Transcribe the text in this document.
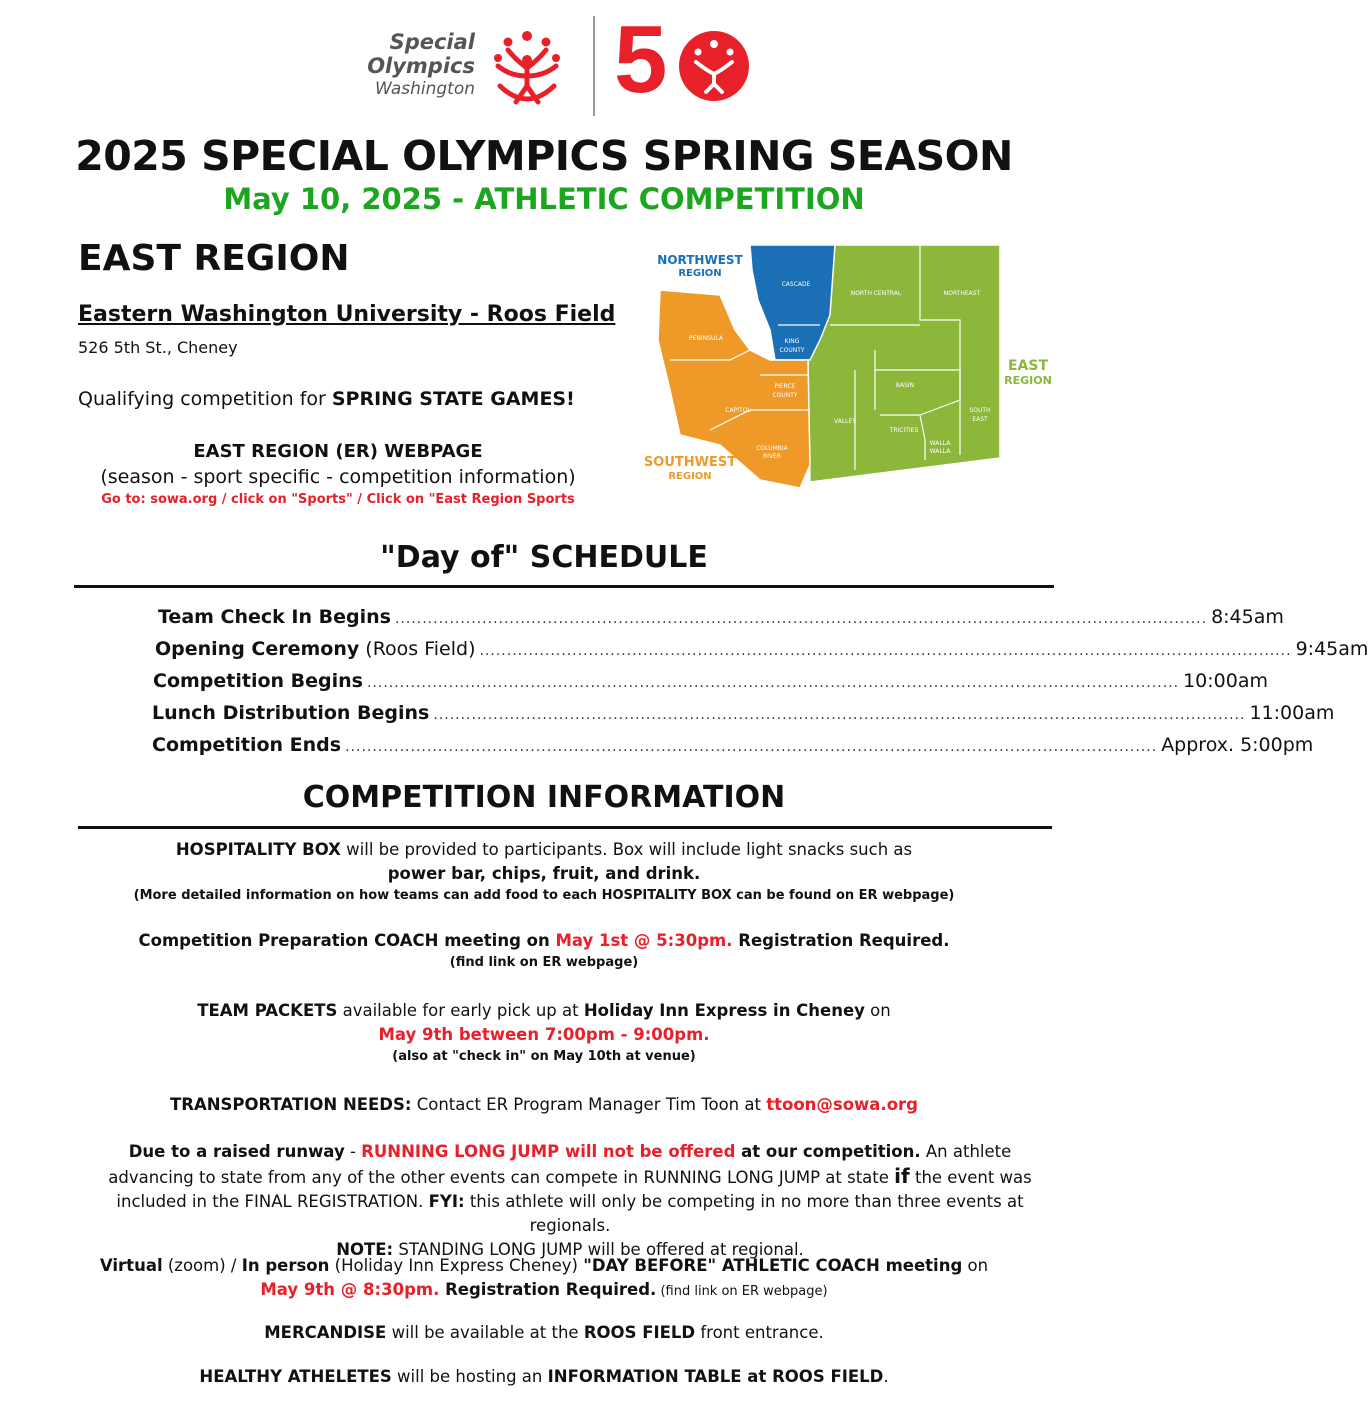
Special
Olympics
Washington 5
2025 SPECIAL OLYMPICS SPRING SEASON
May 10, 2025 - ATHLETIC COMPETITION
EAST REGION
Eastern Washington University - Roos Field
526 5th St., Cheney
Qualifying competition for SPRING STATE GAMES!
EAST REGION (ER) WEBPAGE
(season - sport specific - competition information)
Go to: sowa.org / click on "Sports" / Click on "East Region Sports
NORTHWEST
REGION
EAST
REGION
SOUTHWEST
REGION
CASCADE
NORTH CENTRAL	NORTHEAST
PENINSULA	KING
COUNTY
PIERCE
COUNTY
BASIN
CAPITOL
VALLEY
TRICITIES
SOUTH
EAST
COLUMBIA
RIVER
WALLA
WALLA
"Day of" SCHEDULE
Team Check In Begins ..................................................................................................................................................... 8:45am
Opening Ceremony (Roos Field) ..................................................................................................................................................... 9:45am
Competition Begins ..................................................................................................................................................... 10:00am
Lunch Distribution Begins ..................................................................................................................................................... 11:00am
Competition Ends ..................................................................................................................................................... Approx. 5:00pm
COMPETITION INFORMATION
HOSPITALITY BOX will be provided to participants. Box will include light snacks such as
power bar, chips, fruit, and drink.
(More detailed information on how teams can add food to each HOSPITALITY BOX can be found on ER webpage)
Competition Preparation COACH meeting on May 1st @ 5:30pm. Registration Required.
(find link on ER webpage)
TEAM PACKETS available for early pick up at Holiday Inn Express in Cheney on
May 9th between 7:00pm - 9:00pm.
(also at "check in" on May 10th at venue)
TRANSPORTATION NEEDS: Contact ER Program Manager Tim Toon at ttoon@sowa.org
Due to a raised runway - RUNNING LONG JUMP will not be offered at our competition. An athlete advancing to state from any of the other events can compete in RUNNING LONG JUMP at state if the event was included in the FINAL REGISTRATION. FYI: this athlete will only be competing in no more than three events at regionals.
NOTE: STANDING LONG JUMP will be offered at regional.
Virtual (zoom) / In person (Holiday Inn Express Cheney) "DAY BEFORE" ATHLETIC COACH meeting on
May 9th @ 8:30pm. Registration Required. (find link on ER webpage)
MERCANDISE will be available at the ROOS FIELD front entrance.
HEALTHY ATHELETES will be hosting an INFORMATION TABLE at ROOS FIELD.
